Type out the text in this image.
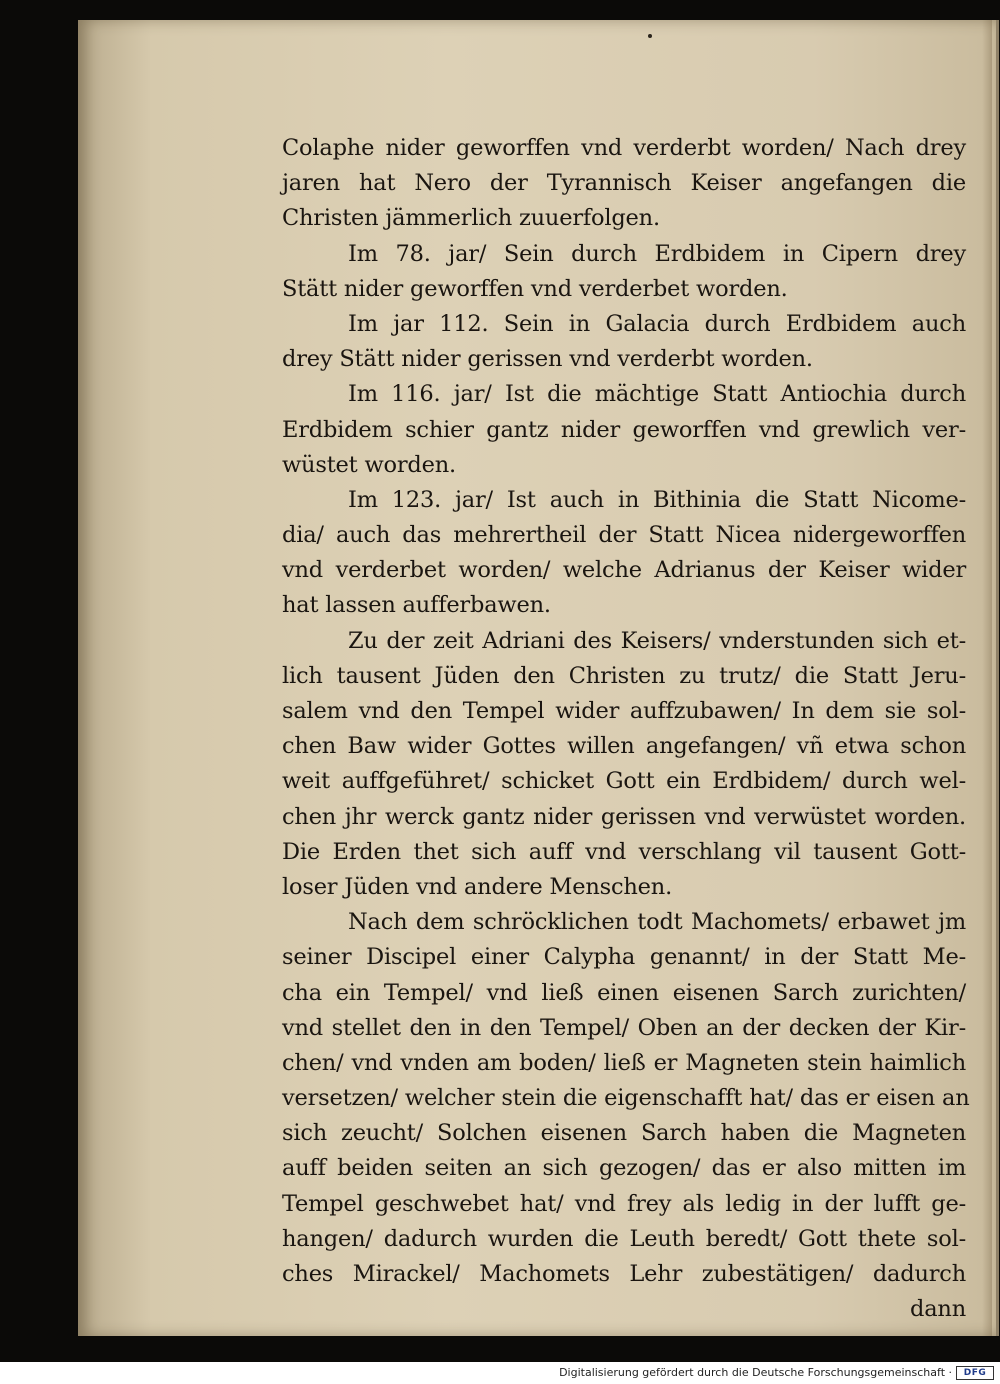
Colaphe nider geworffen vnd verderbt worden/ Nach drey
jaren hat Nero der Tyrannisch Keiser angefangen die
Christen jämmerlich zuuerfolgen.
Im 78. jar/ Sein durch Erdbidem in Cipern drey
Stätt nider geworffen vnd verderbet worden.
Im jar 112. Sein in Galacia durch Erdbidem auch
drey Stätt nider gerissen vnd verderbt worden.
Im 116. jar/ Ist die mächtige Statt Antiochia durch
Erdbidem schier gantz nider geworffen vnd grewlich ver-
wüstet worden.
Im 123. jar/ Ist auch in Bithinia die Statt Nicome-
dia/ auch das mehrertheil der Statt Nicea nidergeworffen
vnd verderbet worden/ welche Adrianus der Keiser wider
hat lassen aufferbawen.
Zu der zeit Adriani des Keisers/ vnderstunden sich et-
lich tausent Jüden den Christen zu trutz/ die Statt Jeru-
salem vnd den Tempel wider auffzubawen/ In dem sie sol-
chen Baw wider Gottes willen angefangen/ vñ etwa schon
weit auffgeführet/ schicket Gott ein Erdbidem/ durch wel-
chen jhr werck gantz nider gerissen vnd verwüstet worden.
Die Erden thet sich auff vnd verschlang vil tausent Gott-
loser Jüden vnd andere Menschen.
Nach dem schröcklichen todt Machomets/ erbawet jm
seiner Discipel einer Calypha genannt/ in der Statt Me-
cha ein Tempel/ vnd ließ einen eisenen Sarch zurichten/
vnd stellet den in den Tempel/ Oben an der decken der Kir-
chen/ vnd vnden am boden/ ließ er Magneten stein haimlich
versetzen/ welcher stein die eigenschafft hat/ das er eisen an
sich zeucht/ Solchen eisenen Sarch haben die Magneten
auff beiden seiten an sich gezogen/ das er also mitten im
Tempel geschwebet hat/ vnd frey als ledig in der lufft ge-
hangen/ dadurch wurden die Leuth beredt/ Gott thete sol-
ches Mirackel/ Machomets Lehr zubestätigen/ dadurch
dann
Digitalisierung gefördert durch die Deutsche Forschungsgemeinschaft ·	DFG
